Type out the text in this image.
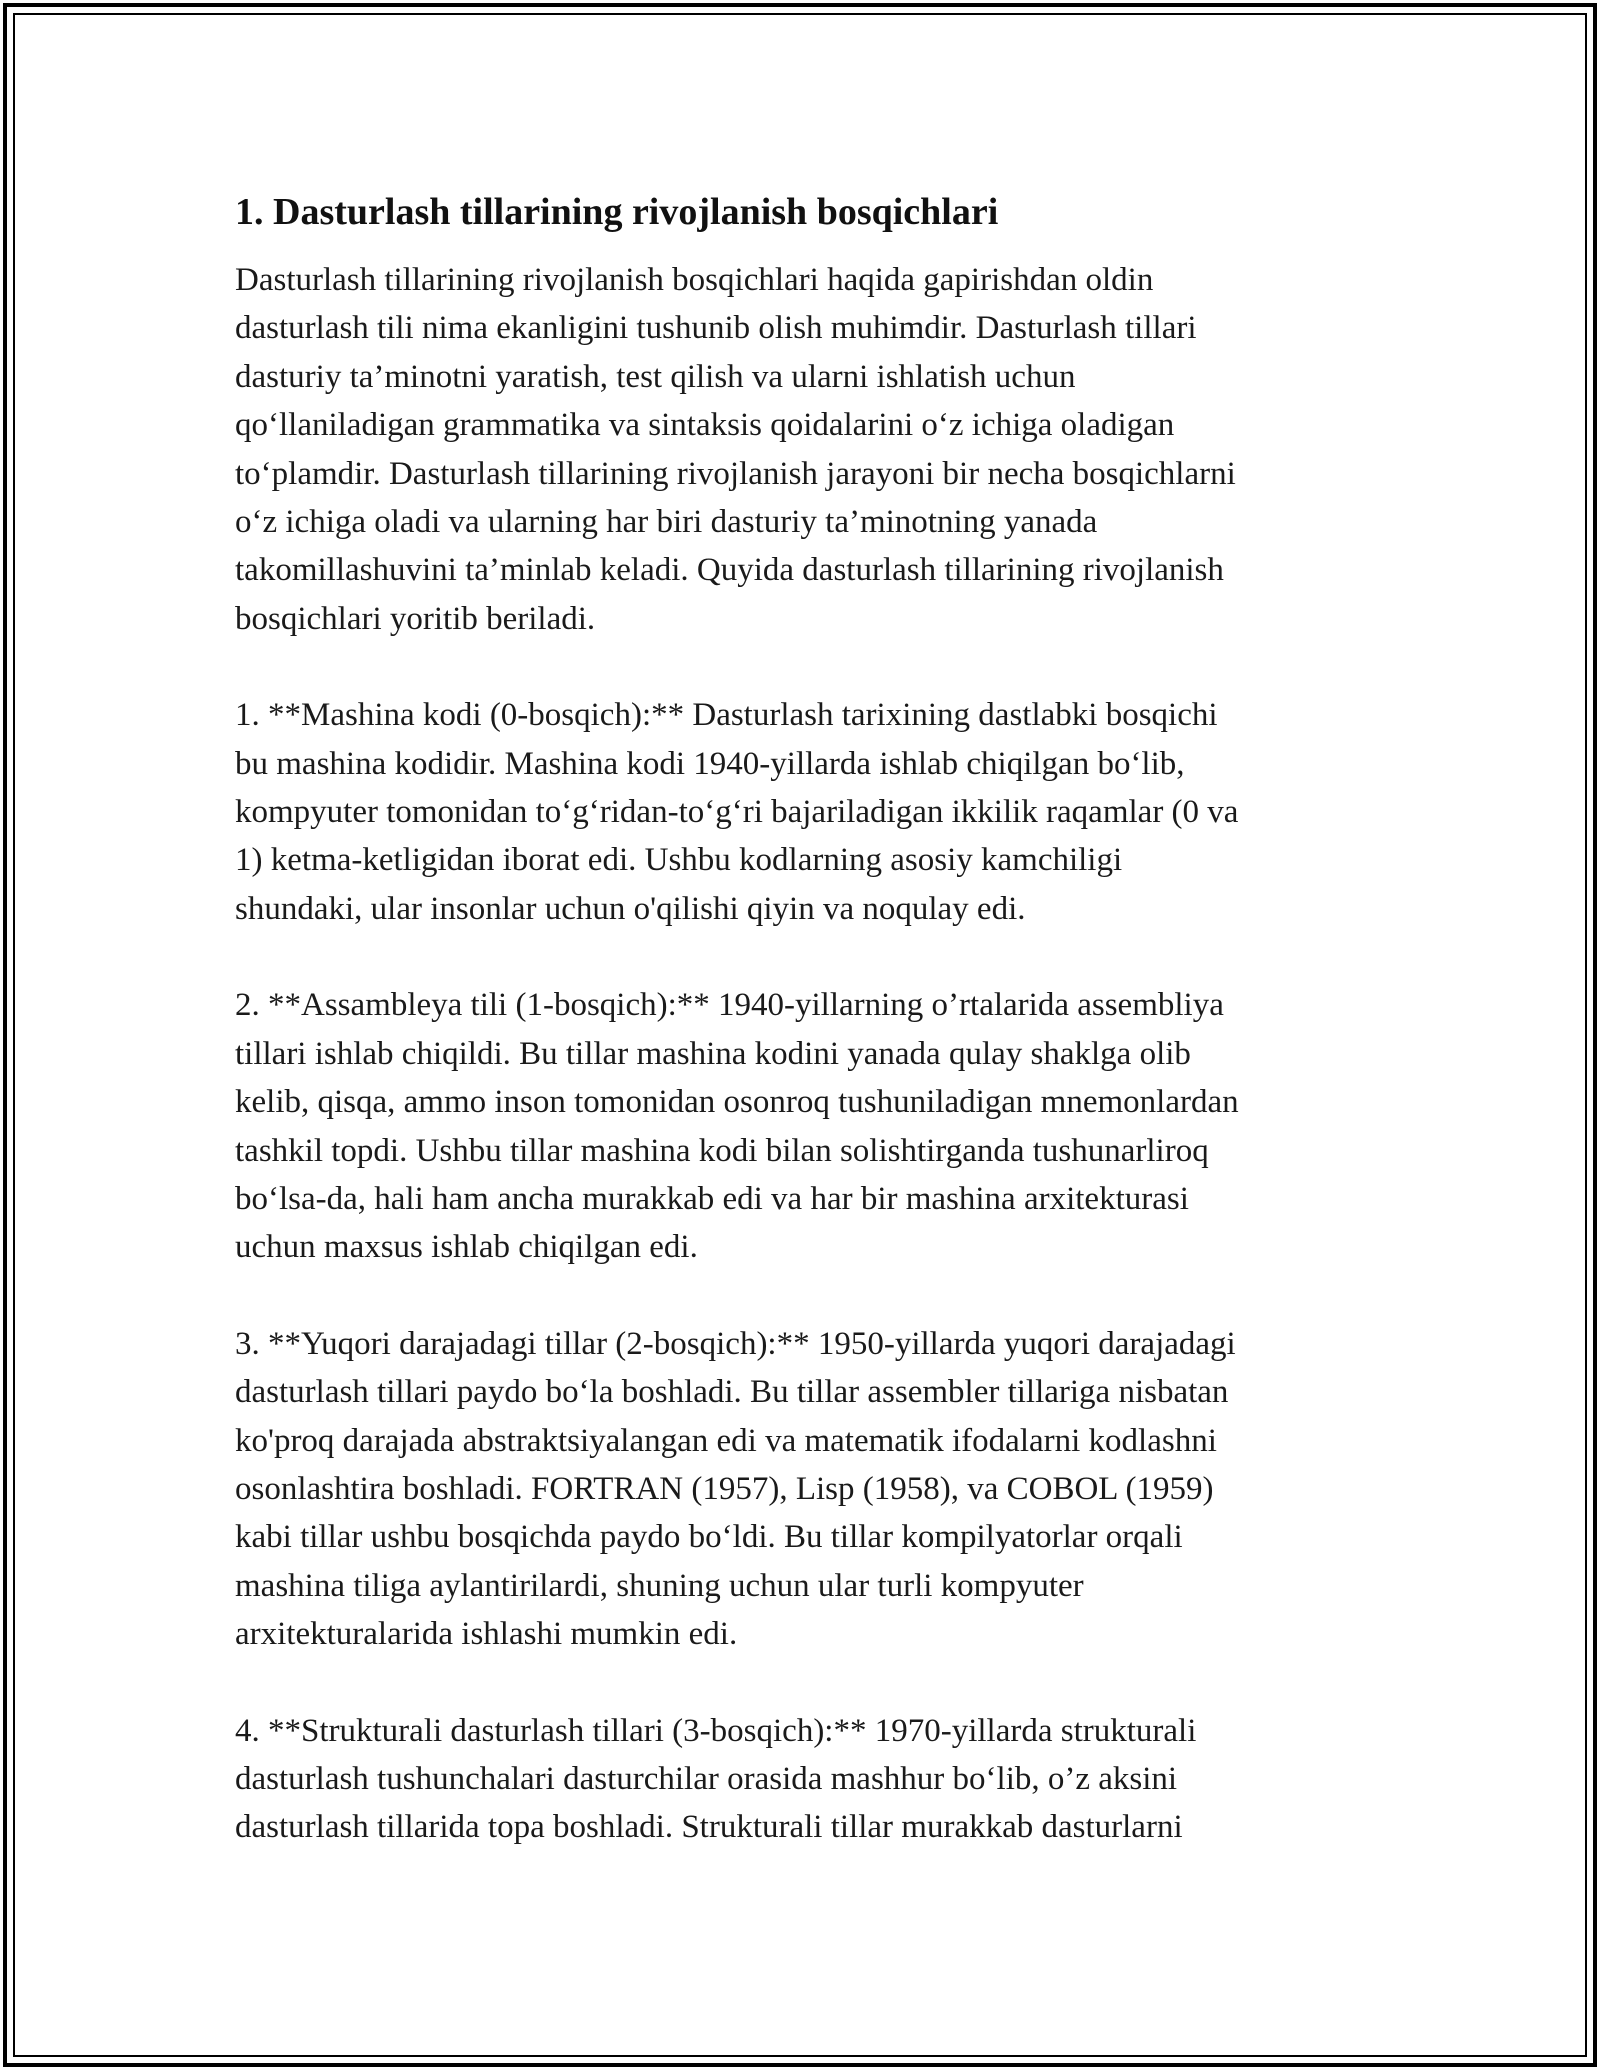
1. Dasturlash tillarining rivojlanish bosqichlari

Dasturlash tillarining rivojlanish bosqichlari haqida gapirishdan oldin
dasturlash tili nima ekanligini tushunib olish muhimdir. Dasturlash tillari
dasturiy ta’minotni yaratish, test qilish va ularni ishlatish uchun
qo‘llaniladigan grammatika va sintaksis qoidalarini o‘z ichiga oladigan
to‘plamdir. Dasturlash tillarining rivojlanish jarayoni bir necha bosqichlarni
o‘z ichiga oladi va ularning har biri dasturiy ta’minotning yanada
takomillashuvini ta’minlab keladi. Quyida dasturlash tillarining rivojlanish
bosqichlari yoritib beriladi.

1. **Mashina kodi (0-bosqich):** Dasturlash tarixining dastlabki bosqichi
bu mashina kodidir. Mashina kodi 1940-yillarda ishlab chiqilgan bo‘lib,
kompyuter tomonidan to‘g‘ridan-to‘g‘ri bajariladigan ikkilik raqamlar (0 va
1) ketma-ketligidan iborat edi. Ushbu kodlarning asosiy kamchiligi
shundaki, ular insonlar uchun o'qilishi qiyin va noqulay edi.

2. **Assambleya tili (1-bosqich):** 1940-yillarning o’rtalarida assembliya
tillari ishlab chiqildi. Bu tillar mashina kodini yanada qulay shaklga olib
kelib, qisqa, ammo inson tomonidan osonroq tushuniladigan mnemonlardan
tashkil topdi. Ushbu tillar mashina kodi bilan solishtirganda tushunarliroq
bo‘lsa-da, hali ham ancha murakkab edi va har bir mashina arxitekturasi
uchun maxsus ishlab chiqilgan edi.

3. **Yuqori darajadagi tillar (2-bosqich):** 1950-yillarda yuqori darajadagi
dasturlash tillari paydo bo‘la boshladi. Bu tillar assembler tillariga nisbatan
ko'proq darajada abstraktsiyalangan edi va matematik ifodalarni kodlashni
osonlashtira boshladi. FORTRAN (1957), Lisp (1958), va COBOL (1959)
kabi tillar ushbu bosqichda paydo bo‘ldi. Bu tillar kompilyatorlar orqali
mashina tiliga aylantirilardi, shuning uchun ular turli kompyuter
arxitekturalarida ishlashi mumkin edi.

4. **Strukturali dasturlash tillari (3-bosqich):** 1970-yillarda strukturali
dasturlash tushunchalari dasturchilar orasida mashhur bo‘lib, o’z aksini
dasturlash tillarida topa boshladi. Strukturali tillar murakkab dasturlarni
